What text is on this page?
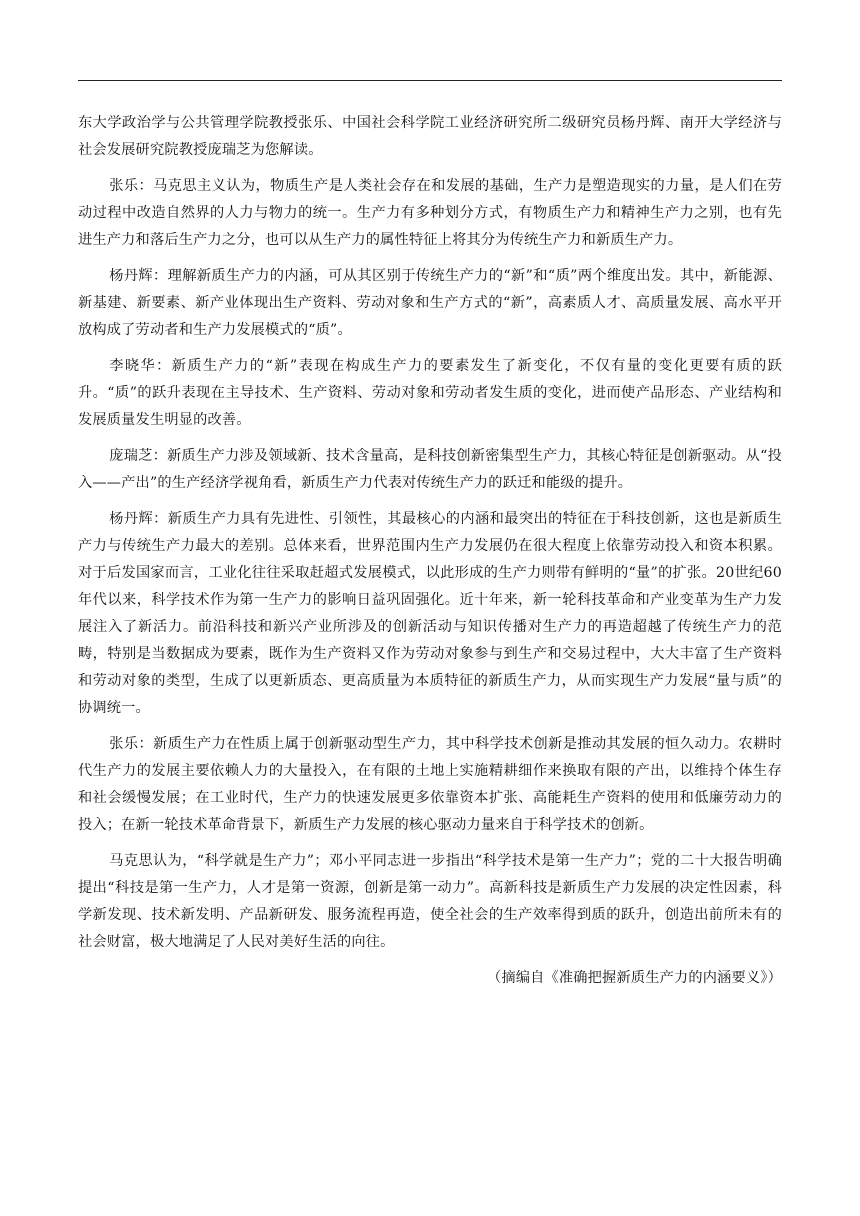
东大学政治学与公共管理学院教授张乐、中国社会科学院工业经济研究所二级研究员杨丹辉、南开大学经济与社会发展研究院教授庞瑞芝为您解读。

张乐：马克思主义认为，物质生产是人类社会存在和发展的基础，生产力是塑造现实的力量，是人们在劳动过程中改造自然界的人力与物力的统一。生产力有多种划分方式，有物质生产力和精神生产力之别，也有先进生产力和落后生产力之分，也可以从生产力的属性特征上将其分为传统生产力和新质生产力。

杨丹辉：理解新质生产力的内涵，可从其区别于传统生产力的“新”和“质”两个维度出发。其中，新能源、新基建、新要素、新产业体现出生产资料、劳动对象和生产方式的“新”，高素质人才、高质量发展、高水平开放构成了劳动者和生产力发展模式的“质”。

李晓华：新质生产力的“新”表现在构成生产力的要素发生了新变化，不仅有量的变化更要有质的跃升。“质”的跃升表现在主导技术、生产资料、劳动对象和劳动者发生质的变化，进而使产品形态、产业结构和发展质量发生明显的改善。

庞瑞芝：新质生产力涉及领域新、技术含量高，是科技创新密集型生产力，其核心特征是创新驱动。从“投入——产出”的生产经济学视角看，新质生产力代表对传统生产力的跃迁和能级的提升。

杨丹辉：新质生产力具有先进性、引领性，其最核心的内涵和最突出的特征在于科技创新，这也是新质生产力与传统生产力最大的差别。总体来看，世界范围内生产力发展仍在很大程度上依靠劳动投入和资本积累。对于后发国家而言，工业化往往采取赶超式发展模式，以此形成的生产力则带有鲜明的“量”的扩张。20世纪60年代以来，科学技术作为第一生产力的影响日益巩固强化。近十年来，新一轮科技革命和产业变革为生产力发展注入了新活力。前沿科技和新兴产业所涉及的创新活动与知识传播对生产力的再造超越了传统生产力的范畴，特别是当数据成为要素，既作为生产资料又作为劳动对象参与到生产和交易过程中，大大丰富了生产资料和劳动对象的类型，生成了以更新质态、更高质量为本质特征的新质生产力，从而实现生产力发展“量与质”的协调统一。

张乐：新质生产力在性质上属于创新驱动型生产力，其中科学技术创新是推动其发展的恒久动力。农耕时代生产力的发展主要依赖人力的大量投入，在有限的土地上实施精耕细作来换取有限的产出，以维持个体生存和社会缓慢发展；在工业时代，生产力的快速发展更多依靠资本扩张、高能耗生产资料的使用和低廉劳动力的投入；在新一轮技术革命背景下，新质生产力发展的核心驱动力量来自于科学技术的创新。

马克思认为，“科学就是生产力”；邓小平同志进一步指出“科学技术是第一生产力”；党的二十大报告明确提出“科技是第一生产力，人才是第一资源，创新是第一动力”。高新科技是新质生产力发展的决定性因素，科学新发现、技术新发明、产品新研发、服务流程再造，使全社会的生产效率得到质的跃升，创造出前所未有的社会财富，极大地满足了人民对美好生活的向往。

（摘编自《准确把握新质生产力的内涵要义》）
